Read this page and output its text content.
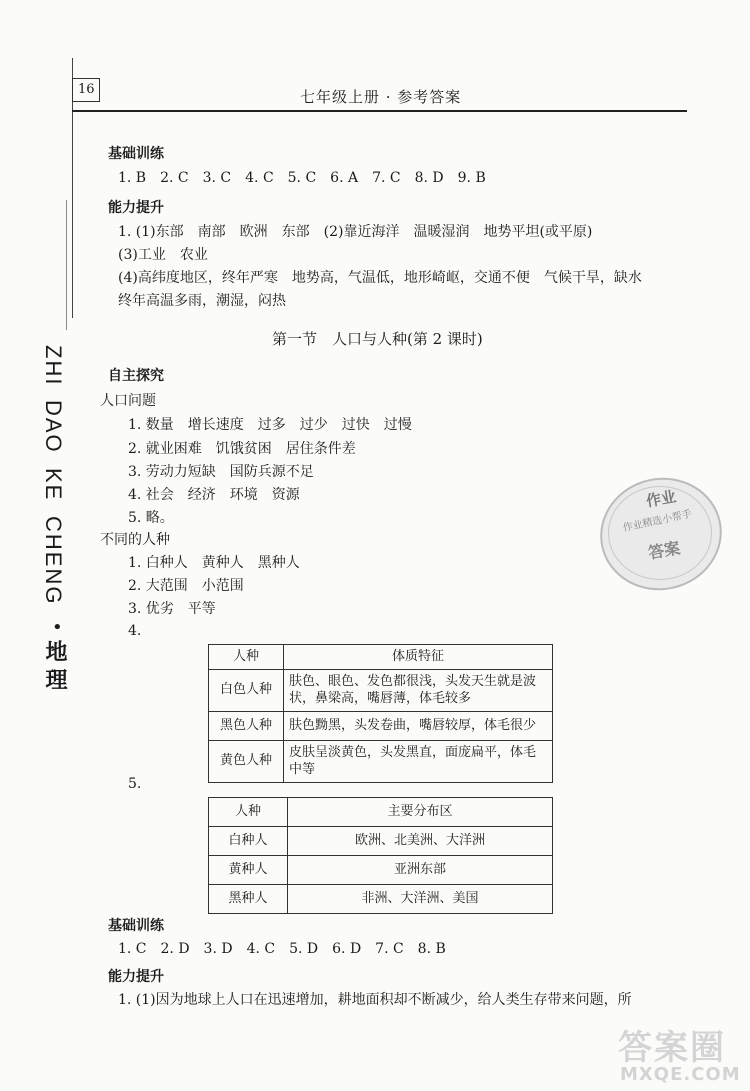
16	七年级上册 · 参考答案
基础训练
1. B　2. C　3. C　4. C　5. C　6. A　7. C　8. D　9. B
能力提升
1. (1)东部　南部　欧洲　东部　(2)靠近海洋　温暖湿润　地势平坦(或平原)
(3)工业　农业
(4)高纬度地区，终年严寒　地势高，气温低，地形崎岖，交通不便　气候干旱，缺水
终年高温多雨，潮湿，闷热
第一节　人口与人种(第 2 课时)
自主探究
人口问题
1. 数量　增长速度　过多　过少　过快　过慢
2. 就业困难　饥饿贫困　居住条件差
3. 劳动力短缺　国防兵源不足
4. 社会　经济　环境　资源
5. 略。
不同的人种
1. 白种人　黄种人　黑种人
2. 大范围　小范围
3. 优劣　平等
4.
人种	体质特征
白色人种	肤色、眼色、发色都很浅，头发天生就是波状，鼻梁高，嘴唇薄，体毛较多
黑色人种	肤色黝黑，头发卷曲，嘴唇较厚，体毛很少
黄色人种	皮肤呈淡黄色，头发黑直，面庞扁平，体毛中等
5.
人种	主要分布区
白种人	欧洲、北美洲、大洋洲
黄种人	亚洲东部
黑种人	非洲、大洋洲、美国
基础训练
1. C　2. D　3. D　4. C　5. D　6. D　7. C　8. B
能力提升
1. (1)因为地球上人口在迅速增加，耕地面积却不断减少，给人类生存带来问题，所
ZHI
DAO
KE
CHENG
•
地理
作业
作业精选小帮手
答案
答案圈
MXQE.COM
